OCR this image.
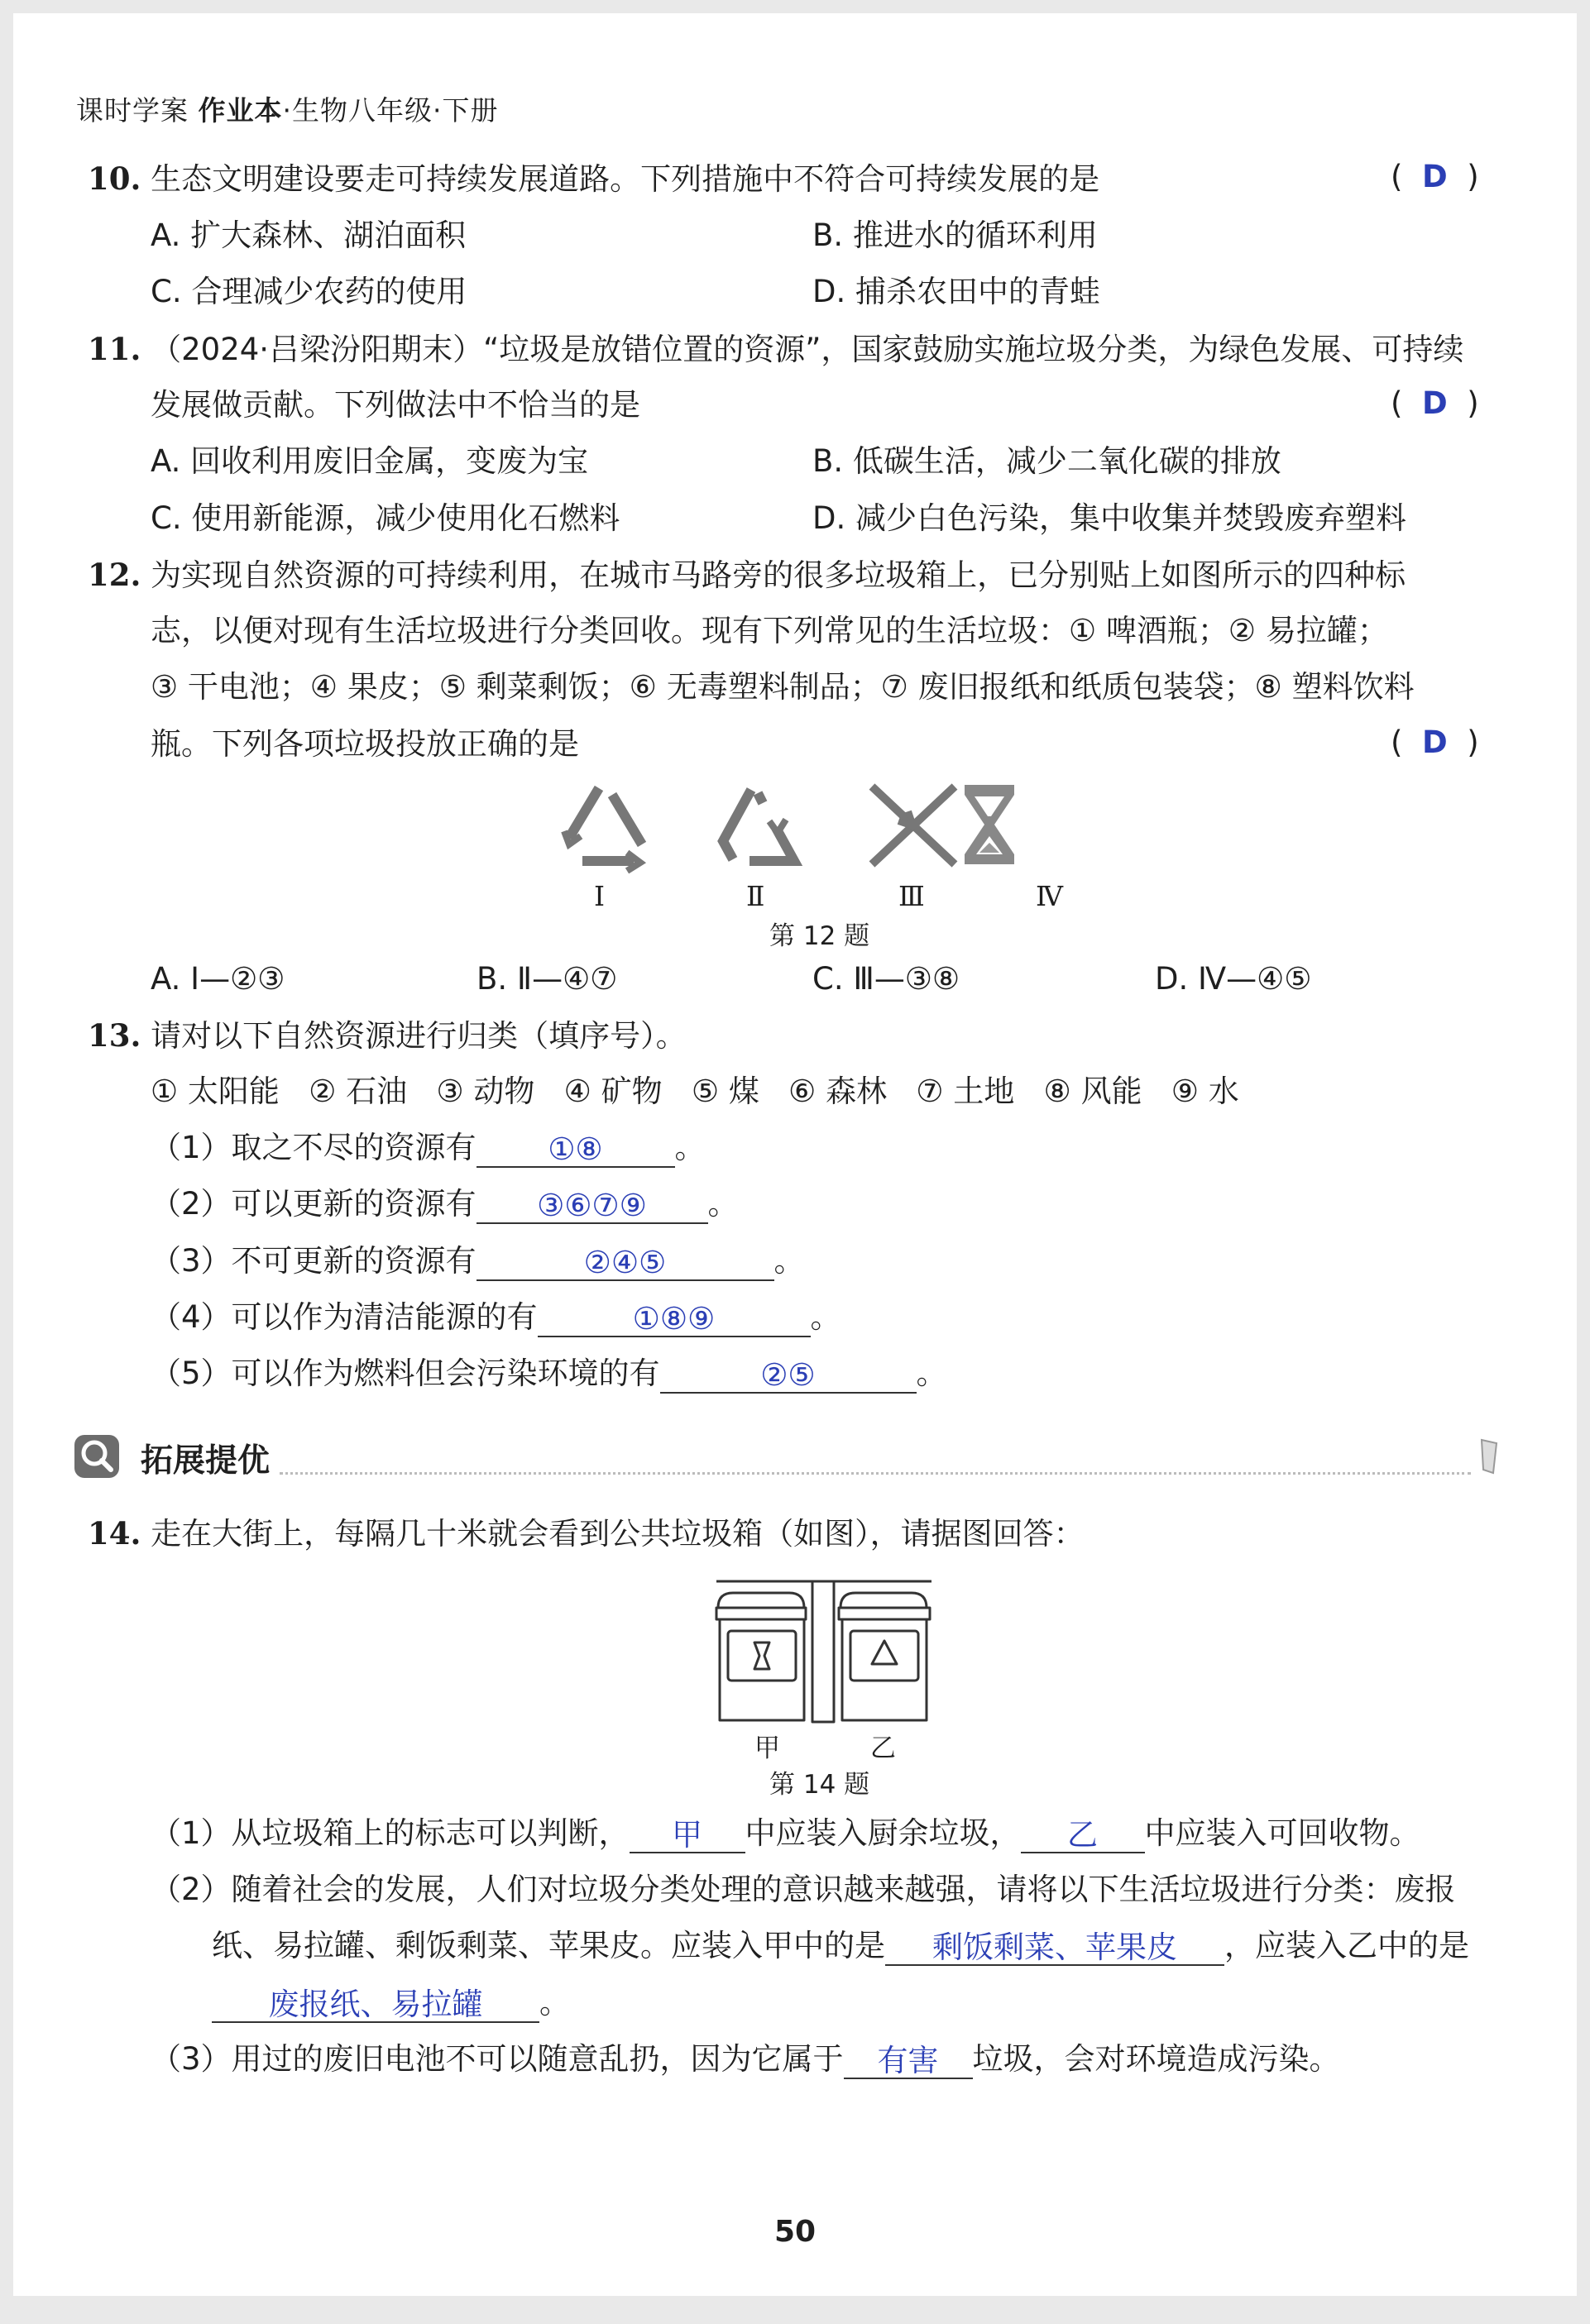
课时学案 作业本·生物八年级·下册
10. 生态文明建设要走可持续发展道路。下列措施中不符合可持续发展的是	(  D  )
A. 扩大森林、湖泊面积	B. 推进水的循环利用
C. 合理减少农药的使用	D. 捕杀农田中的青蛙
11. （2024·吕梁汾阳期末）“垃圾是放错位置的资源”，国家鼓励实施垃圾分类，为绿色发展、可持续
发展做贡献。下列做法中不恰当的是	(  D  )
A. 回收利用废旧金属，变废为宝	B. 低碳生活，减少二氧化碳的排放
C. 使用新能源，减少使用化石燃料	D. 减少白色污染，集中收集并焚毁废弃塑料
12. 为实现自然资源的可持续利用，在城市马路旁的很多垃圾箱上，已分别贴上如图所示的四种标
志，以便对现有生活垃圾进行分类回收。现有下列常见的生活垃圾：① 啤酒瓶；② 易拉罐；
③ 干电池；④ 果皮；⑤ 剩菜剩饭；⑥ 无毒塑料制品；⑦ 废旧报纸和纸质包装袋；⑧ 塑料饮料
瓶。下列各项垃圾投放正确的是	(  D  )
Ⅰ	Ⅱ	Ⅲ	Ⅳ
第 12 题
A. Ⅰ—②③	B. Ⅱ—④⑦	C. Ⅲ—③⑧	D. Ⅳ—④⑤
13. 请对以下自然资源进行归类（填序号）。
① 太阳能 ② 石油 ③ 动物 ④ 矿物 ⑤ 煤 ⑥ 森林 ⑦ 土地 ⑧ 风能 ⑨ 水
（1）取之不尽的资源有 ①⑧ 。
（2）可以更新的资源有 ③⑥⑦⑨ 。
（3）不可更新的资源有	②④⑤	。
（4）可以作为清洁能源的有	①⑧⑨	。
（5）可以作为燃料但会污染环境的有	②⑤	。
拓展提优
14. 走在大街上，每隔几十米就会看到公共垃圾箱（如图），请据图回答：
甲	乙
第 14 题
（1）从垃圾箱上的标志可以判断， 甲 中应装入厨余垃圾， 乙 中应装入可回收物。
（2）随着社会的发展，人们对垃圾分类处理的意识越来越强，请将以下生活垃圾进行分类：废报
纸、易拉罐、剩饭剩菜、苹果皮。应装入甲中的是 剩饭剩菜、苹果皮 ，应装入乙中的是
废报纸、易拉罐 。
（3）用过的废旧电池不可以随意乱扔，因为它属于 有害 垃圾，会对环境造成污染。
50
